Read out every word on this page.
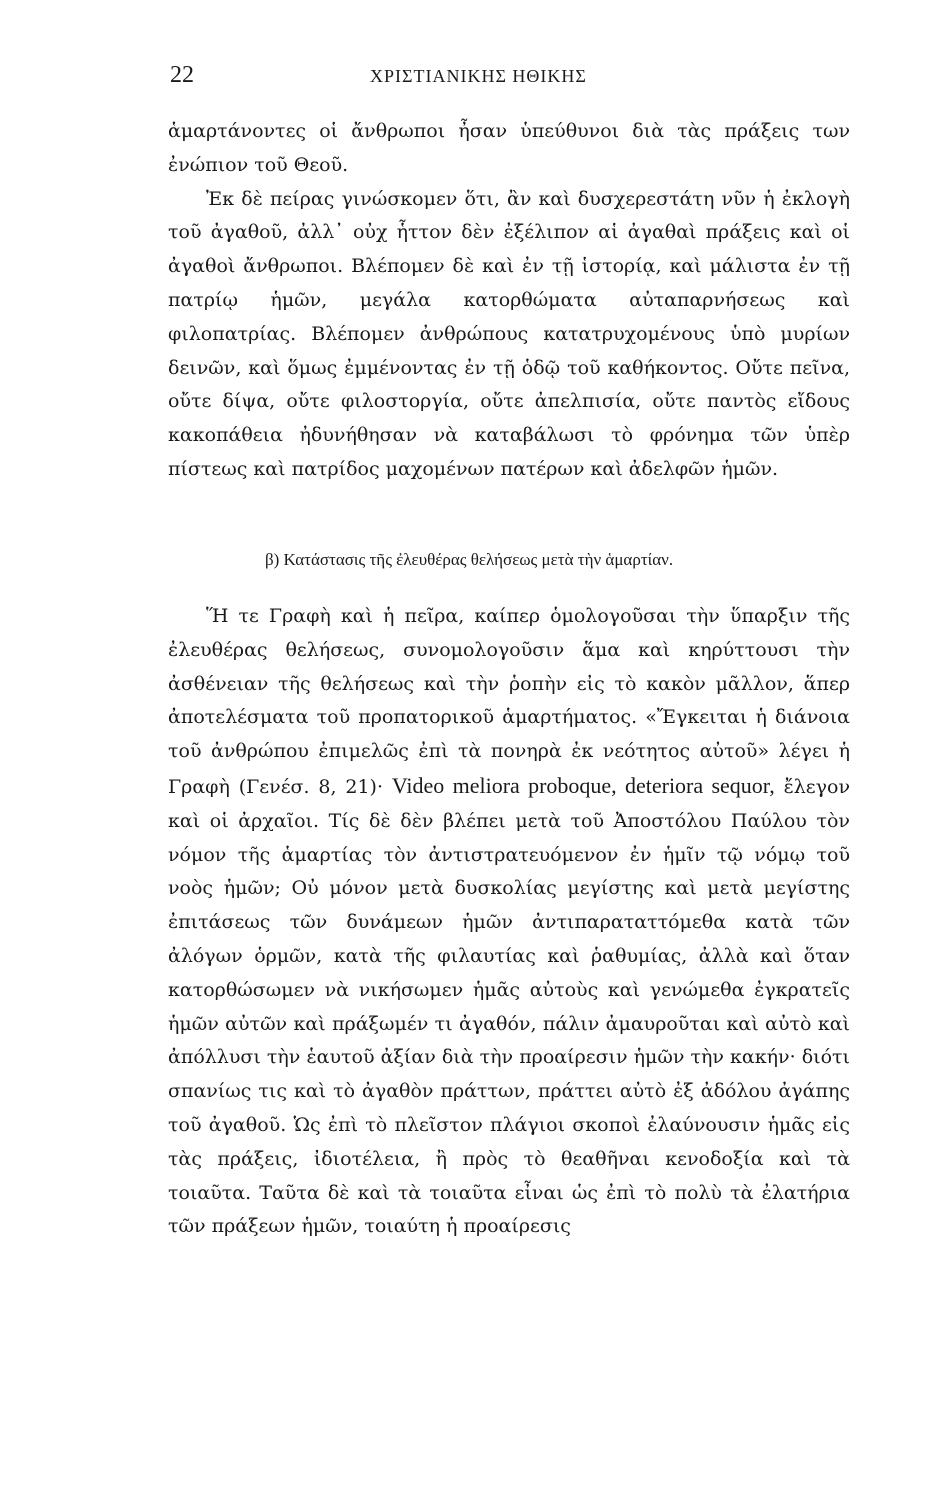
22	ΧΡΙΣΤΙΑΝΙΚΗΣ ΗΘΙΚΗΣ

ἁμαρτάνοντες οἱ ἄνθρωποι ἦσαν ὑπεύθυνοι διὰ τὰς πράξεις των ἐνώπιον τοῦ Θεοῦ.

Ἐκ δὲ πείρας γινώσκομεν ὅτι, ἂν καὶ δυσχερεστάτη νῦν ἡ ἐκλογὴ τοῦ ἀγαθοῦ, ἀλλ᾽ οὐχ ἧττον δὲν ἐξέλιπον αἱ ἀγαθαὶ πράξεις καὶ οἱ ἀγαθοὶ ἄνθρωποι. Βλέπομεν δὲ καὶ ἐν τῇ ἱστορίᾳ, καὶ μάλιστα ἐν τῇ πατρίῳ ἡμῶν, μεγάλα κατορθώματα αὐταπαρνήσεως καὶ φιλοπατρίας. Βλέπομεν ἀνθρώπους κατατρυχομένους ὑπὸ μυρίων δεινῶν, καὶ ὅμως ἐμμένοντας ἐν τῇ ὁδῷ τοῦ καθήκοντος. Οὔτε πεῖνα, οὔτε δίψα, οὔτε φιλοστοργία, οὔτε ἀπελπισία, οὔτε παντὸς εἴδους κακοπάθεια ἠδυνήθησαν νὰ καταβάλωσι τὸ φρόνημα τῶν ὑπὲρ πίστεως καὶ πατρίδος μαχομένων πατέρων καὶ ἀδελφῶν ἡμῶν.

β) Κατάστασις τῆς ἐλευθέρας θελήσεως μετὰ τὴν ἁμαρτίαν.

Ἥ τε Γραφὴ καὶ ἡ πεῖρα, καίπερ ὁμολογοῦσαι τὴν ὕπαρξιν τῆς ἐλευθέρας θελήσεως, συνομολογοῦσιν ἅμα καὶ κηρύττουσι τὴν ἀσθένειαν τῆς θελήσεως καὶ τὴν ῥοπὴν εἰς τὸ κακὸν μᾶλλον, ἅπερ ἀποτελέσματα τοῦ προπατορικοῦ ἁμαρτήματος. «Ἔγκειται ἡ διάνοια τοῦ ἀνθρώπου ἐπιμελῶς ἐπὶ τὰ πονηρὰ ἐκ νεότητος αὐτοῦ» λέγει ἡ Γραφὴ (Γενέσ. 8, 21)· Video meliora proboque, deteriora sequor, ἔλεγον καὶ οἱ ἀρχαῖοι. Τίς δὲ δὲν βλέπει μετὰ τοῦ Ἀποστόλου Παύλου τὸν νόμον τῆς ἁμαρτίας τὸν ἀντιστρατευόμενον ἐν ἡμῖν τῷ νόμῳ τοῦ νοὸς ἡμῶν; Οὐ μόνον μετὰ δυσκολίας μεγίστης καὶ μετὰ μεγίστης ἐπιτάσεως τῶν δυνάμεων ἡμῶν ἀντιπαραταττόμεθα κατὰ τῶν ἀλόγων ὁρμῶν, κατὰ τῆς φιλαυτίας καὶ ῥαθυμίας, ἀλλὰ καὶ ὅταν κατορθώσωμεν νὰ νικήσωμεν ἡμᾶς αὐτοὺς καὶ γενώμεθα ἐγκρατεῖς ἡμῶν αὐτῶν καὶ πράξωμέν τι ἀγαθόν, πάλιν ἀμαυροῦται καὶ αὐτὸ καὶ ἀπόλλυσι τὴν ἑαυτοῦ ἀξίαν διὰ τὴν προαίρεσιν ἡμῶν τὴν κακήν· διότι σπανίως τις καὶ τὸ ἀγαθὸν πράττων, πράττει αὐτὸ ἐξ ἀδόλου ἀγάπης τοῦ ἀγαθοῦ. Ὡς ἐπὶ τὸ πλεῖστον πλάγιοι σκοποὶ ἐλαύνουσιν ἡμᾶς εἰς τὰς πράξεις, ἰδιοτέλεια, ἢ πρὸς τὸ θεαθῆναι κενοδοξία καὶ τὰ τοιαῦτα. Ταῦτα δὲ καὶ τὰ τοιαῦτα εἶναι ὡς ἐπὶ τὸ πολὺ τὰ ἐλατήρια τῶν πράξεων ἡμῶν, τοιαύτη ἡ προαίρεσις
